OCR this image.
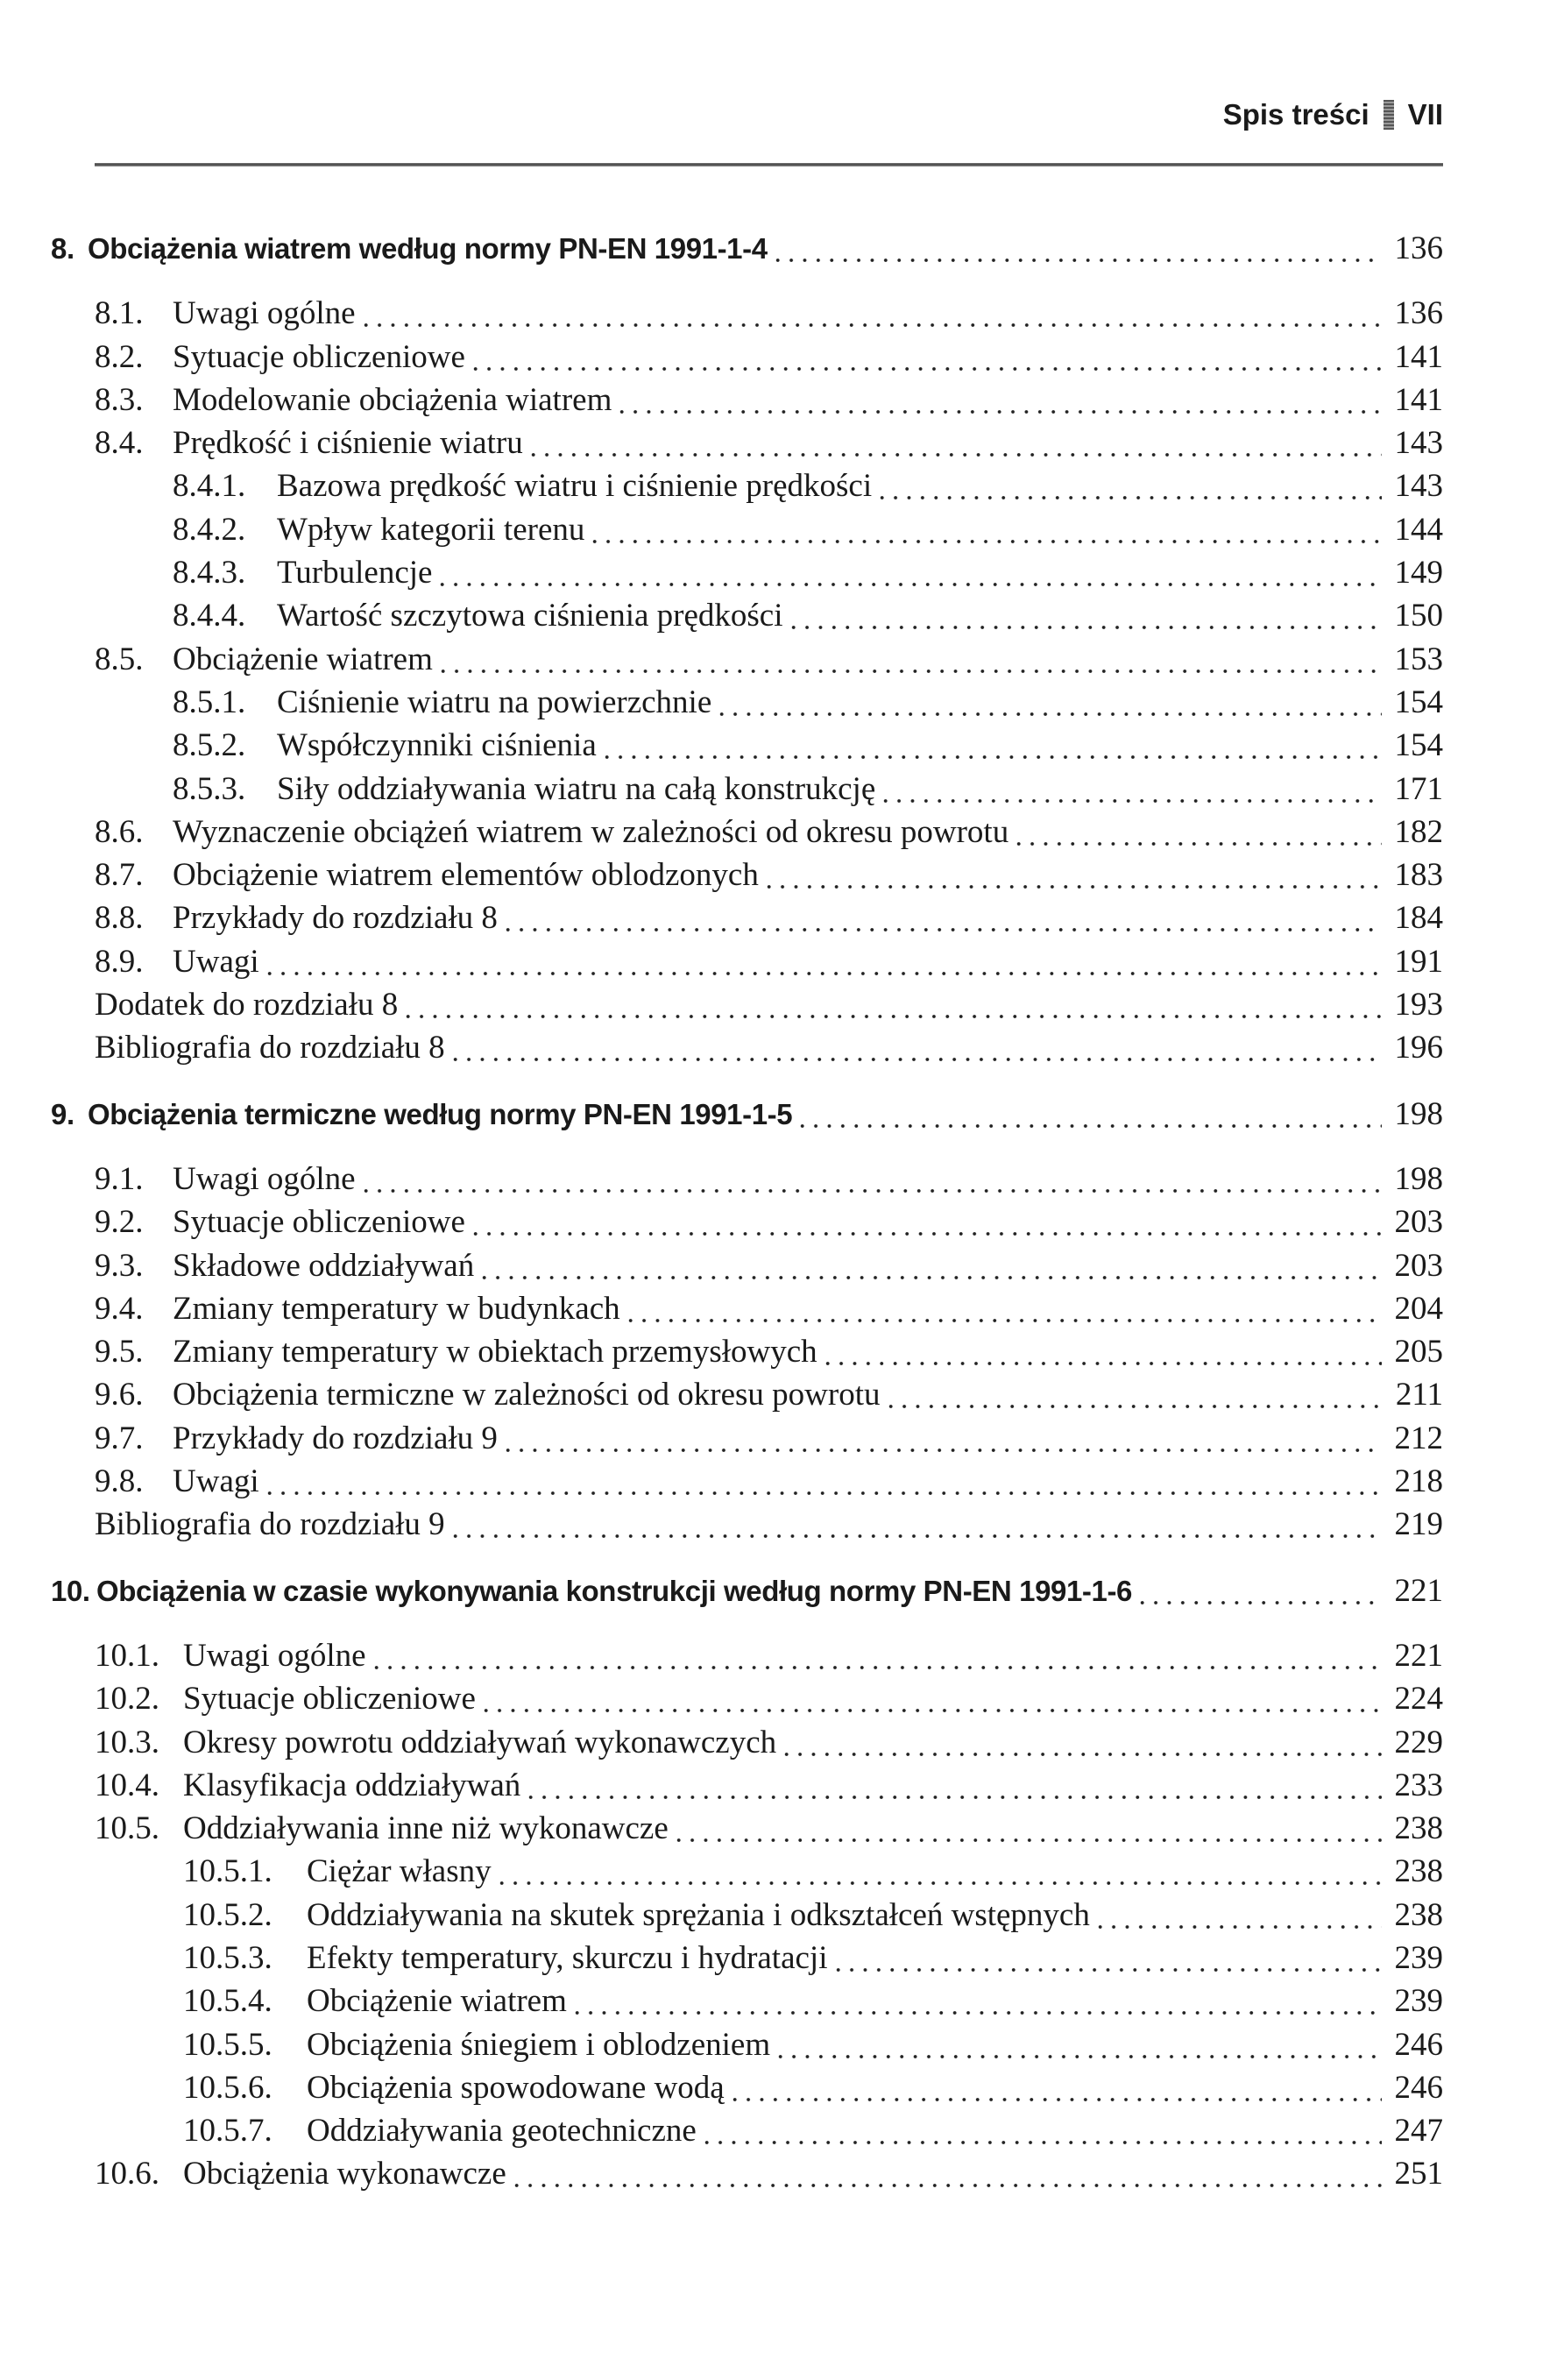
Spis treści VII
8. Obciążenia wiatrem według normy PN-EN 1991-1-4	136
8.1. Uwagi ogólne	136
8.2. Sytuacje obliczeniowe	141
8.3. Modelowanie obciążenia wiatrem	141
8.4. Prędkość i ciśnienie wiatru	143
8.4.1. Bazowa prędkość wiatru i ciśnienie prędkości	143
8.4.2. Wpływ kategorii terenu	144
8.4.3. Turbulencje	149
8.4.4. Wartość szczytowa ciśnienia prędkości	150
8.5. Obciążenie wiatrem	153
8.5.1. Ciśnienie wiatru na powierzchnie	154
8.5.2. Współczynniki ciśnienia	154
8.5.3. Siły oddziaływania wiatru na całą konstrukcję	171
8.6. Wyznaczenie obciążeń wiatrem w zależności od okresu powrotu	182
8.7. Obciążenie wiatrem elementów oblodzonych	183
8.8. Przykłady do rozdziału 8	184
8.9. Uwagi	191
Dodatek do rozdziału 8	193
Bibliografia do rozdziału 8	196
9. Obciążenia termiczne według normy PN-EN 1991-1-5	198
9.1. Uwagi ogólne	198
9.2. Sytuacje obliczeniowe	203
9.3. Składowe oddziaływań	203
9.4. Zmiany temperatury w budynkach	204
9.5. Zmiany temperatury w obiektach przemysłowych	205
9.6. Obciążenia termiczne w zależności od okresu powrotu	211
9.7. Przykłady do rozdziału 9	212
9.8. Uwagi	218
Bibliografia do rozdziału 9	219
10. Obciążenia w czasie wykonywania konstrukcji według normy PN-EN 1991-1-6	221
10.1. Uwagi ogólne	221
10.2. Sytuacje obliczeniowe	224
10.3. Okresy powrotu oddziaływań wykonawczych	229
10.4. Klasyfikacja oddziaływań	233
10.5. Oddziaływania inne niż wykonawcze	238
10.5.1.	Ciężar własny	238
10.5.2.	Oddziaływania na skutek sprężania i odkształceń wstępnych	238
10.5.3.	Efekty temperatury, skurczu i hydratacji	239
10.5.4.	Obciążenie wiatrem	239
10.5.5.	Obciążenia śniegiem i oblodzeniem	246
10.5.6.	Obciążenia spowodowane wodą	246
10.5.7.	Oddziaływania geotechniczne	247
10.6. Obciążenia wykonawcze	251
